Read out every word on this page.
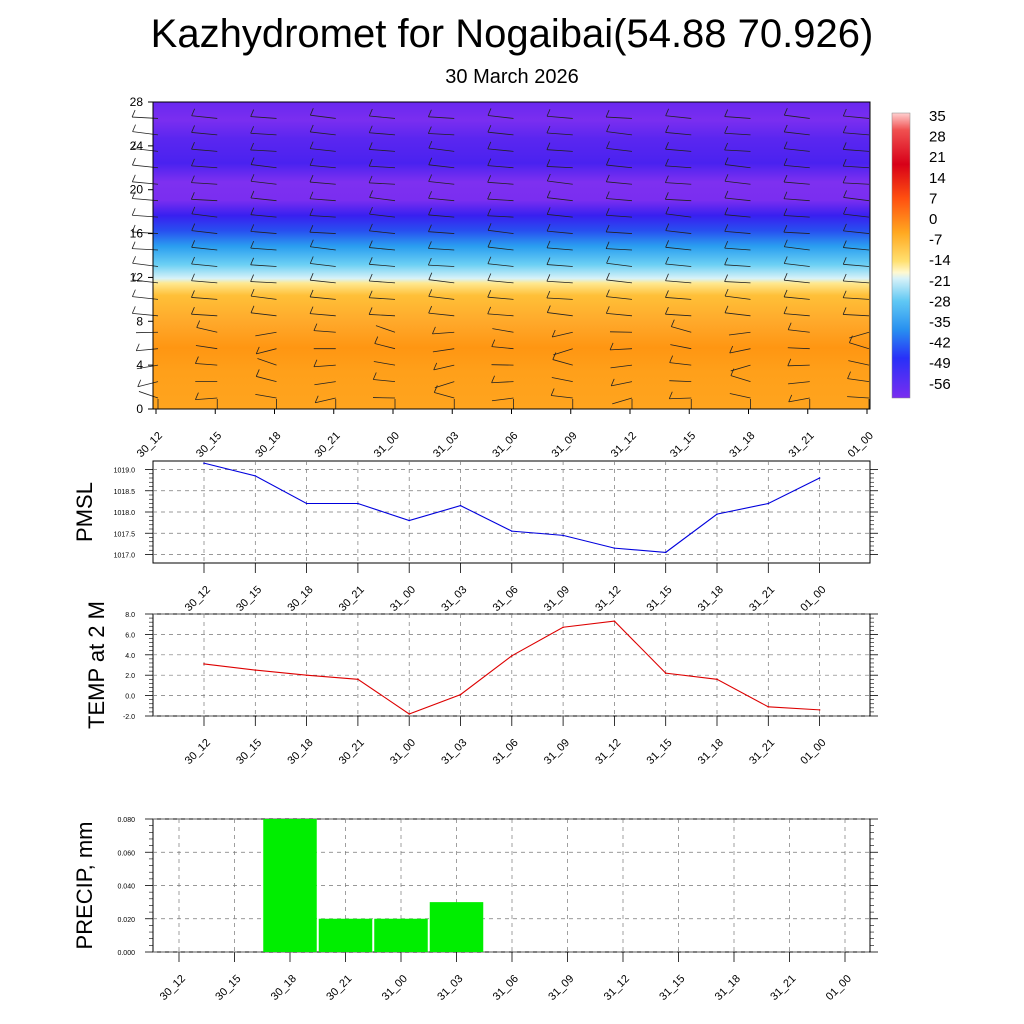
Kazhydromet for Nogaibai(54.88 70.926)
30 March 2026
0
4
8
12
16
20
24
28
30_12	30_15	30_18	30_21	31_00	31_03	31_06	31_09	31_12	31_15	31_18	31_21	01_00
35
28
21
14
7
0
-7
-14
-21
-28
-35
-42
-49
-56
30_12 30_15 30_18 30_21 31_00 31_03 31_06 31_09 31_12 31_15 31_18 31_21 01_00
1017.0
1017.5
1018.0
1018.5
1019.0
PMSL
30_12 30_15 30_18 30_21 31_00 31_03 31_06 31_09 31_12 31_15 31_18 31_21 01_00
-2.0
0.0
2.0
4.0
6.0
8.0
TEMP at 2 M
30_12 30_15 30_18 30_21 31_00 31_03 31_06 31_09 31_12 31_15 31_18 31_21 01_00
0.000
0.020
0.040
0.060
0.080
PRECIP, mm
